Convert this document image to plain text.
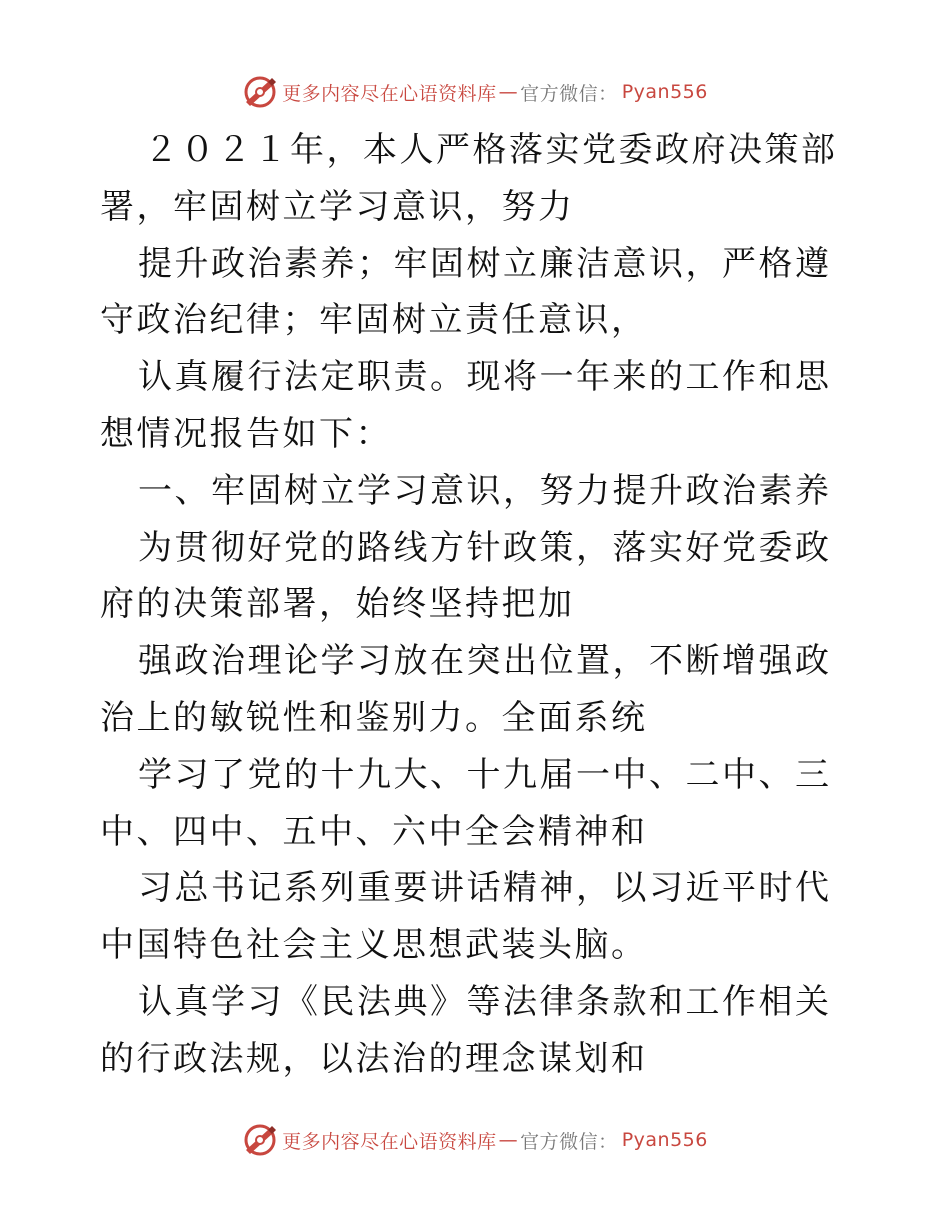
更多内容尽在心语资料库 — 官方微信： Pyan556

２０２１年，本人严格落实党委政府决策部署，牢固树立学习意识，努力

提升政治素养；牢固树立廉洁意识，严格遵守政治纪律；牢固树立责任意识，

认真履行法定职责。现将一年来的工作和思想情况报告如下：

一、牢固树立学习意识，努力提升政治素养

为贯彻好党的路线方针政策，落实好党委政府的决策部署，始终坚持把加

强政治理论学习放在突出位置，不断增强政治上的敏锐性和鉴别力。全面系统

学习了党的十九大、十九届一中、二中、三中、四中、五中、六中全会精神和

习总书记系列重要讲话精神，以习近平时代中国特色社会主义思想武装头脑。

认真学习《民法典》等法律条款和工作相关的行政法规，以法治的理念谋划和

更多内容尽在心语资料库 — 官方微信： Pyan556
